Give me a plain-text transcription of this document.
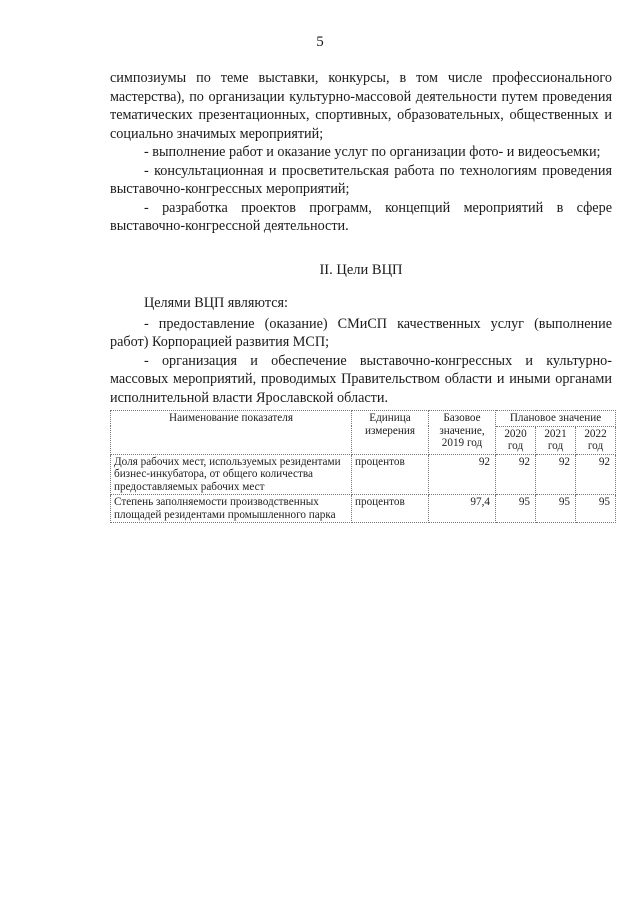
5

симпозиумы по теме выставки, конкурсы, в том числе профессионального мастерства), по организации культурно-массовой деятельности путем проведения тематических презентационных, спортивных, образовательных, общественных и социально значимых мероприятий;

- выполнение работ и оказание услуг по организации фото- и видеосъемки;

- консультационная и просветительская работа по технологиям проведения выставочно-конгрессных мероприятий;

- разработка проектов программ, концепций мероприятий в сфере выставочно-конгрессной деятельности.

II. Цели ВЦП

Целями ВЦП являются:

- предоставление (оказание) СМиСП качественных услуг (выполнение работ) Корпорацией развития МСП;

- организация и обеспечение выставочно-конгрессных и культурно-массовых мероприятий, проводимых Правительством области и иными органами исполнительной власти Ярославской области.

Наименование показателя	Единица измерения	Базовое значение, 2019 год	Плановое значение		
			2020 год	2021 год	2022 год
Доля рабочих мест, используемых резидентами бизнес-инкубатора, от общего количества предоставляемых рабочих мест	процентов	92	92	92	92
Степень заполняемости производственных площадей резидентами промышленного парка	процентов	97,4	95	95	95
